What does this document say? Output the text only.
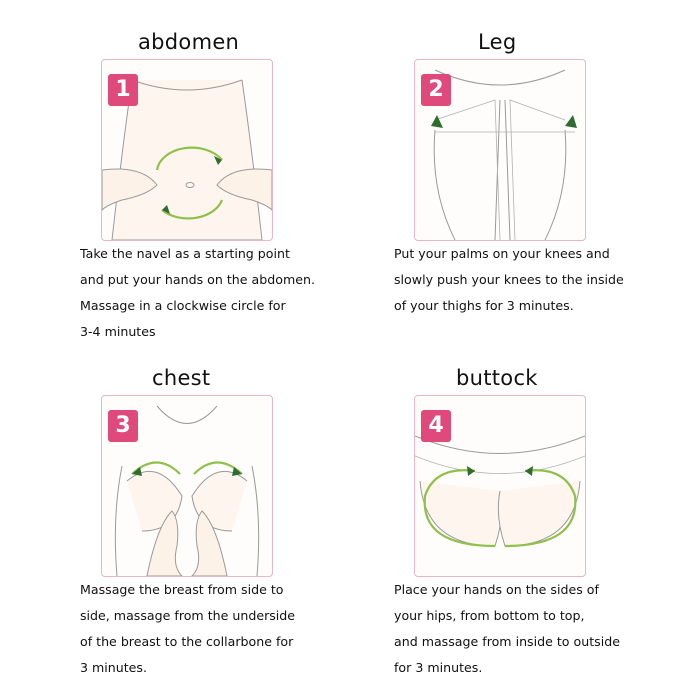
abdomen
1
Take the navel as a starting point
and put your hands on the abdomen.
Massage in a clockwise circle for
3-4 minutes
Leg
2
Put your palms on your knees and
slowly push your knees to the inside
of your thighs for 3 minutes.
chest
3
Massage the breast from side to
side, massage from the underside
of the breast to the collarbone for
3 minutes.
buttock
4
Place your hands on the sides of
your hips, from bottom to top,
and massage from inside to outside
for 3 minutes.
